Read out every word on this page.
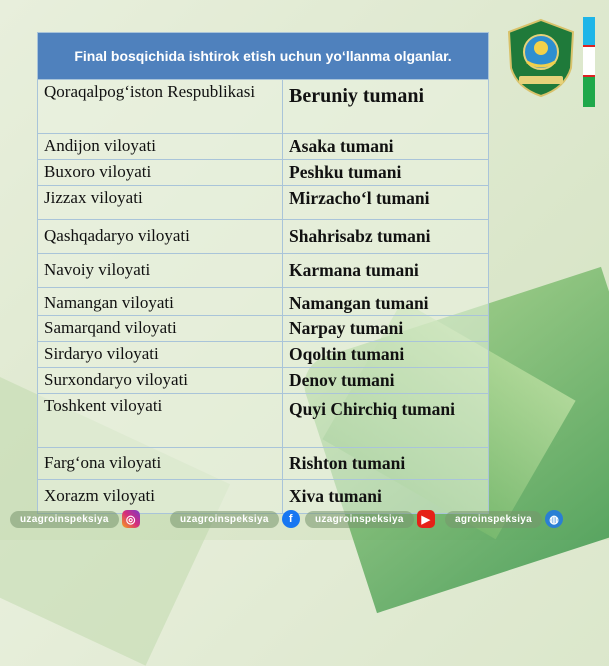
Final bosqichida ishtirok etish uchun yo‘llanma olganlar.	
Qoraqalpog‘iston Respublikasi	Beruniy tumani
Andijon viloyati	Asaka tumani
Buxoro viloyati	Peshku tumani
Jizzax viloyati	Mirzacho‘l tumani
Qashqadaryo viloyati	Shahrisabz tumani
Navoiy viloyati	Karmana tumani
Namangan viloyati	Namangan tumani
Samarqand viloyati	Narpay tumani
Sirdaryo viloyati	Oqoltin tumani
Surxondaryo viloyati	Denov tumani
Toshkent viloyati	Quyi Chirchiq tumani
Farg‘ona viloyati	Rishton tumani
Xorazm viloyati	Xiva tumani
uzagroinspeksiya	◎	uzagroinspeksiya	f	uzagroinspeksiya	▶	agroinspeksiya	◍
